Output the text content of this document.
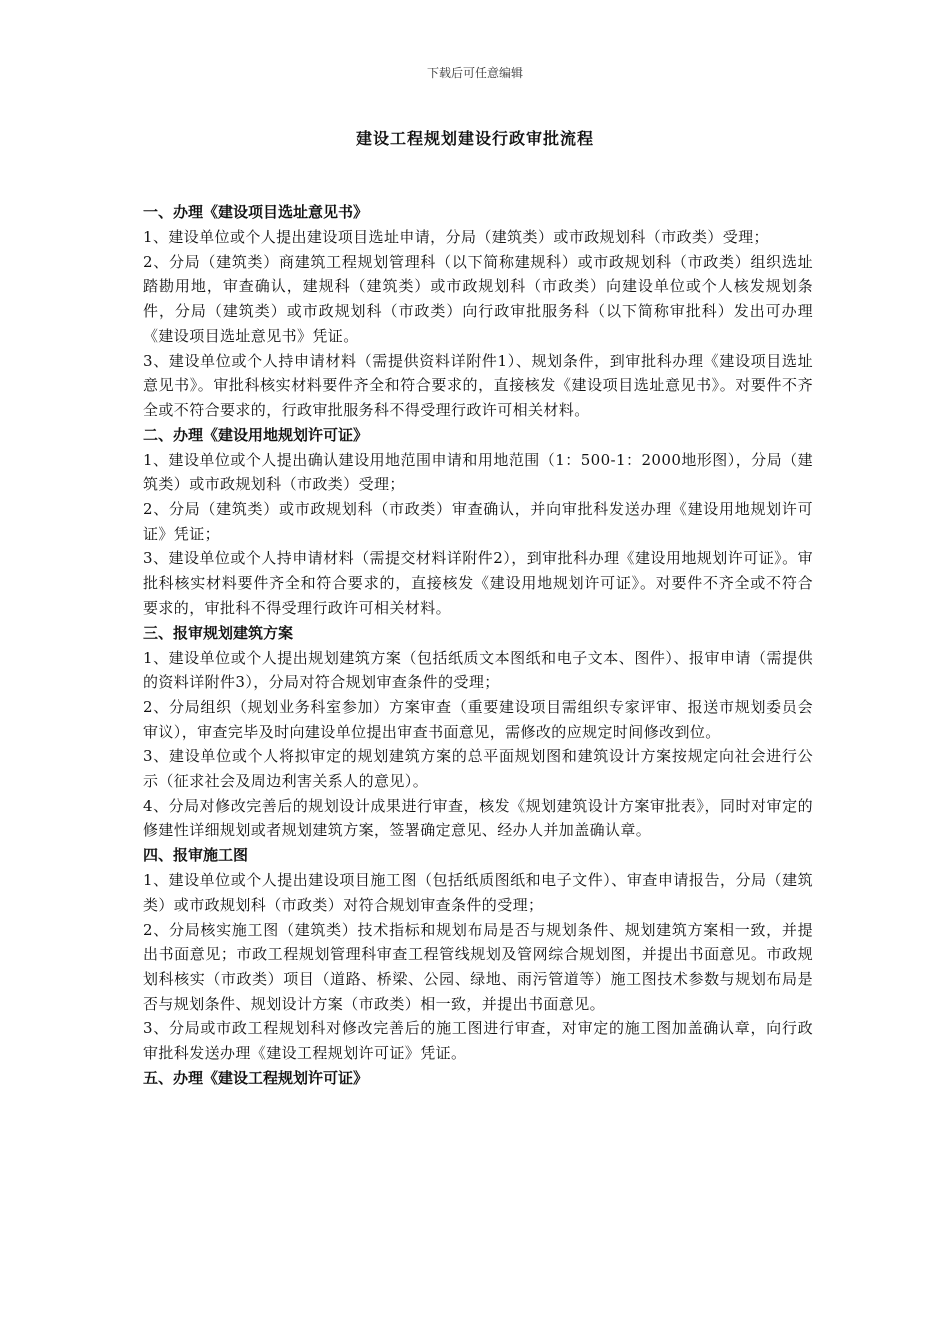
下载后可任意编辑
建设工程规划建设行政审批流程

一、办理《建设项目选址意见书》

1、建设单位或个人提出建设项目选址申请，分局（建筑类）或市政规划科（市政类）受理；

2、分局（建筑类）商建筑工程规划管理科（以下简称建规科）或市政规划科（市政类）组织选址踏勘用地，审查确认，建规科（建筑类）或市政规划科（市政类）向建设单位或个人核发规划条件，分局（建筑类）或市政规划科（市政类）向行政审批服务科（以下简称审批科）发出可办理《建设项目选址意见书》凭证。

3、建设单位或个人持申请材料（需提供资料详附件1）、规划条件，到审批科办理《建设项目选址意见书》。审批科核实材料要件齐全和符合要求的，直接核发《建设项目选址意见书》。对要件不齐全或不符合要求的，行政审批服务科不得受理行政许可相关材料。

二、办理《建设用地规划许可证》

1、建设单位或个人提出确认建设用地范围申请和用地范围（1：500-1：2000地形图），分局（建筑类）或市政规划科（市政类）受理；

2、分局（建筑类）或市政规划科（市政类）审查确认，并向审批科发送办理《建设用地规划许可证》凭证；

3、建设单位或个人持申请材料（需提交材料详附件2），到审批科办理《建设用地规划许可证》。审批科核实材料要件齐全和符合要求的，直接核发《建设用地规划许可证》。对要件不齐全或不符合要求的，审批科不得受理行政许可相关材料。

三、报审规划建筑方案

1、建设单位或个人提出规划建筑方案（包括纸质文本图纸和电子文本、图件）、报审申请（需提供的资料详附件3），分局对符合规划审查条件的受理；

2、分局组织（规划业务科室参加）方案审查（重要建设项目需组织专家评审、报送市规划委员会审议），审查完毕及时向建设单位提出审查书面意见，需修改的应规定时间修改到位。

3、建设单位或个人将拟审定的规划建筑方案的总平面规划图和建筑设计方案按规定向社会进行公示（征求社会及周边利害关系人的意见）。

4、分局对修改完善后的规划设计成果进行审查，核发《规划建筑设计方案审批表》，同时对审定的修建性详细规划或者规划建筑方案，签署确定意见、经办人并加盖确认章。

四、报审施工图

1、建设单位或个人提出建设项目施工图（包括纸质图纸和电子文件）、审查申请报告，分局（建筑类）或市政规划科（市政类）对符合规划审查条件的受理；

2、分局核实施工图（建筑类）技术指标和规划布局是否与规划条件、规划建筑方案相一致，并提出书面意见；市政工程规划管理科审查工程管线规划及管网综合规划图，并提出书面意见。市政规划科核实（市政类）项目（道路、桥梁、公园、绿地、雨污管道等）施工图技术参数与规划布局是否与规划条件、规划设计方案（市政类）相一致，并提出书面意见。

3、分局或市政工程规划科对修改完善后的施工图进行审查，对审定的施工图加盖确认章，向行政审批科发送办理《建设工程规划许可证》凭证。

五、办理《建设工程规划许可证》
